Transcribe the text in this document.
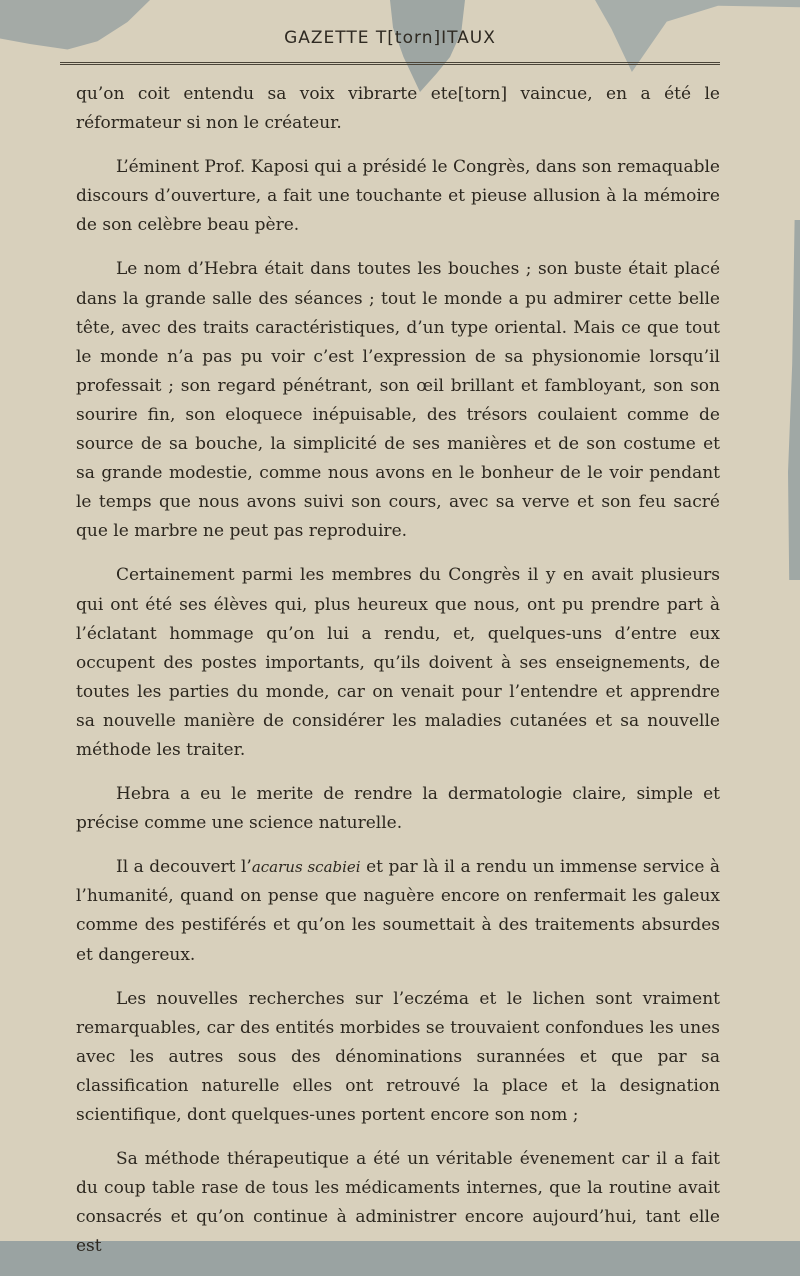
GAZETTE T[torn]ITAUX

qu’on coit entendu sa voix vibrarte ete[torn] vaincue, en a été le réformateur si non le créateur.

L’éminent Prof. Kaposi qui a présidé le Congrès, dans son remaquable discours d’ouverture, a fait une touchante et pieuse allusion à la mémoire de son celèbre beau père.

Le nom d’Hebra était dans toutes les bouches ; son buste était placé dans la grande salle des séances ; tout le monde a pu admirer cette belle tête, avec des traits caractéristiques, d’un type oriental. Mais ce que tout le monde n’a pas pu voir c’est l’expression de sa physionomie lorsqu’il professait ; son regard pénétrant, son œil brillant et fambloyant, son son sourire fin, son eloquece inépuisable, des trésors coulaient comme de source de sa bouche, la simplicité de ses manières et de son costume et sa grande modestie, comme nous avons en le bonheur de le voir pendant le temps que nous avons suivi son cours, avec sa verve et son feu sacré que le marbre ne peut pas reproduire.

Certainement parmi les membres du Congrès il y en avait plusieurs qui ont été ses élèves qui, plus heureux que nous, ont pu prendre part à l’éclatant hommage qu’on lui a rendu, et, quelques-uns d’entre eux occupent des postes importants, qu’ils doivent à ses enseignements, de toutes les parties du monde, car on venait pour l’entendre et apprendre sa nouvelle manière de considérer les maladies cutanées et sa nouvelle méthode les traiter.

Hebra a eu le merite de rendre la dermatologie claire, simple et précise comme une science naturelle.

Il a decouvert l’acarus scabiei et par là il a rendu un immense service à l’humanité, quand on pense que naguère encore on renfermait les galeux comme des pestiférés et qu’on les soumettait à des traitements absurdes et dangereux.

Les nouvelles recherches sur l’eczéma et le lichen sont vraiment remarquables, car des entités morbides se trouvaient confondues les unes avec les autres sous des dénominations surannées et que par sa classification naturelle elles ont retrouvé la place et la designation scientifique, dont quelques-unes portent encore son nom ;

Sa méthode thérapeutique a été un véritable évenement car il a fait du coup table rase de tous les médicaments internes, que la routine avait consacrés et qu’on continue à administrer encore aujourd’hui, tant elle est
